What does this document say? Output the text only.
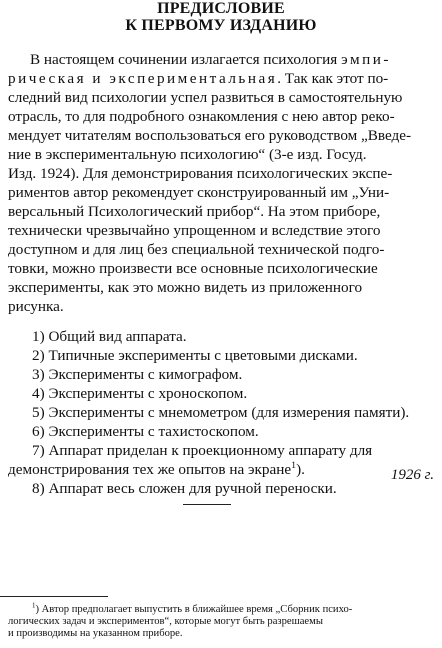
ПРЕДИСЛОВИЕ
К ПЕРВОМУ ИЗДАНИЮ
В настоящем сочинении излагается психология эмпи-
рическая и экспериментальная. Так как этот по-
следний вид психологии успел развиться в самостоятельную
отрасль, то для подробного ознакомления с нею автор реко-
мендует читателям воспользоваться его руководством „Введе-
ние в экспериментальную психологию“ (3-е изд. Госуд.
Изд. 1924). Для демонстрирования психологических экспе-
риментов автор рекомендует сконструированный им „Уни-
версальный Психологический прибор“. На этом приборе,
технически чрезвычайно упрощенном и вследствие этого
доступном и для лиц без специальной технической подго-
товки, можно произвести все основные психологические
эксперименты, как это можно видеть из приложенного
рисунка.
1) Общий вид аппарата.
2) Типичные эксперименты с цветовыми дисками.
3) Эксперименты с кимографом.
4) Эксперименты с хроноскопом.
5) Эксперименты с мнемометром (для измерения памяти).
6) Эксперименты с тахистоскопом.
7) Аппарат приделан к проекционному аппарату для
демонстрирования тех же опытов на экране$^1$).
8) Аппарат весь сложен для ручной переноски.
1926 г.
$^1$) Автор предполагает выпустить в ближайшее время „Сборник психо-
логических задач и экспериментов“, которые могут быть разрешаемы
и производимы на указанном приборе.
